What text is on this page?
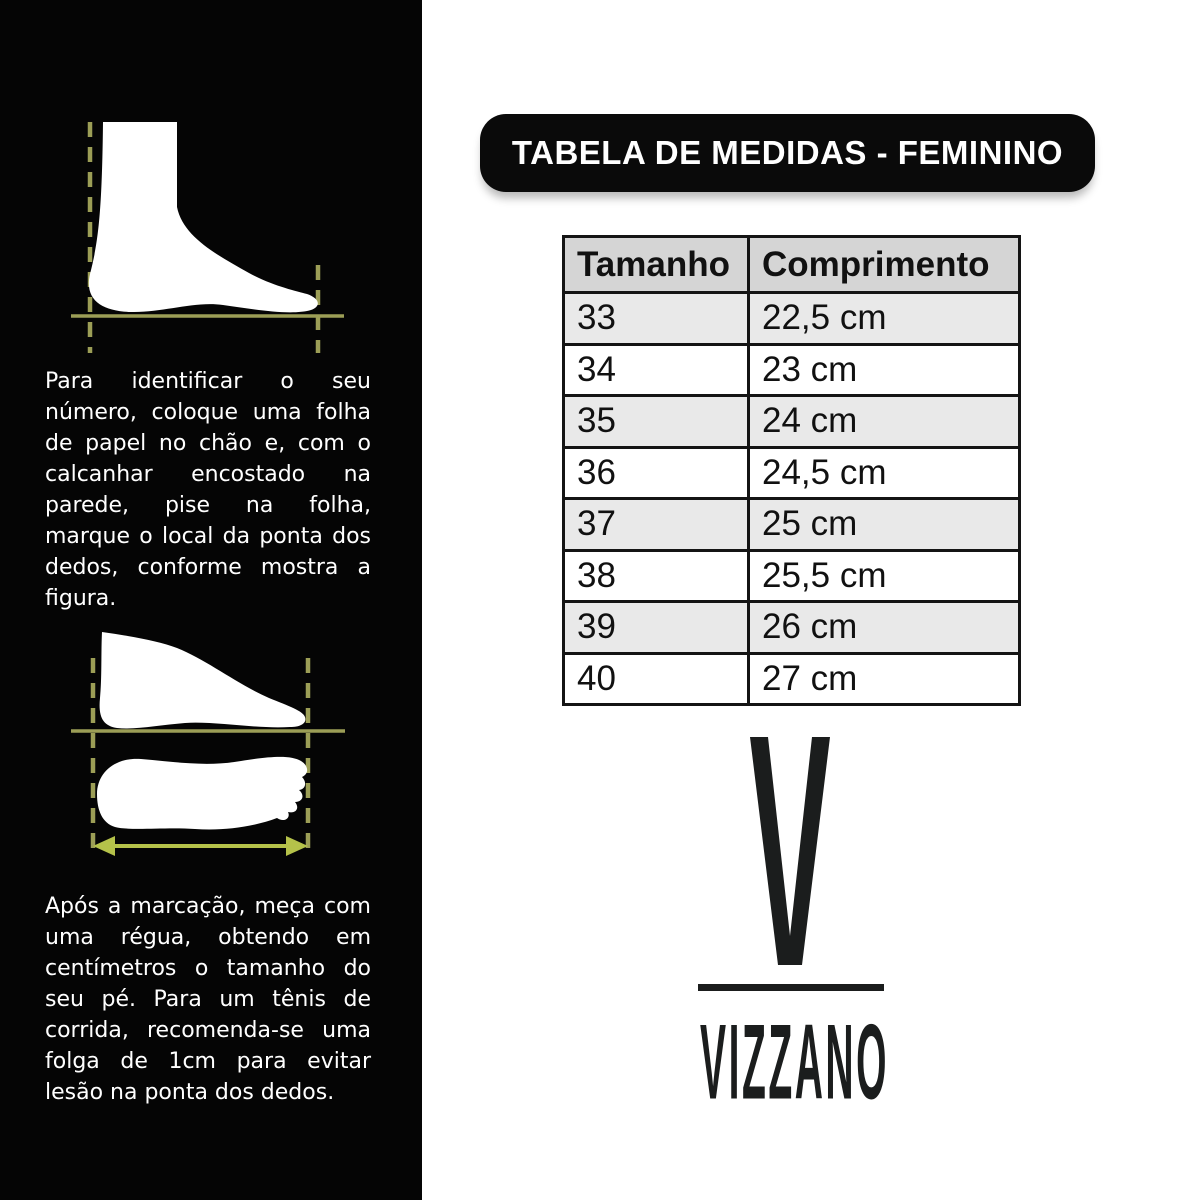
Para identificar o seu número, coloque uma folha de papel no chão e, com o calcanhar encostado na parede, pise na folha, marque o local da ponta dos dedos, conforme mostra a figura.

Após a marcação, meça com uma régua, obtendo em centímetros o tamanho do seu pé. Para um tênis de corrida, recomenda-se uma folga de 1cm para evitar lesão na ponta dos dedos.

TABELA DE MEDIDAS - FEMININO
Tamanho	Comprimento
33	22,5 cm
34	23 cm
35	24 cm
36	24,5 cm
37	25 cm
38	25,5 cm
39	26 cm
40	27 cm
VIZZANO
